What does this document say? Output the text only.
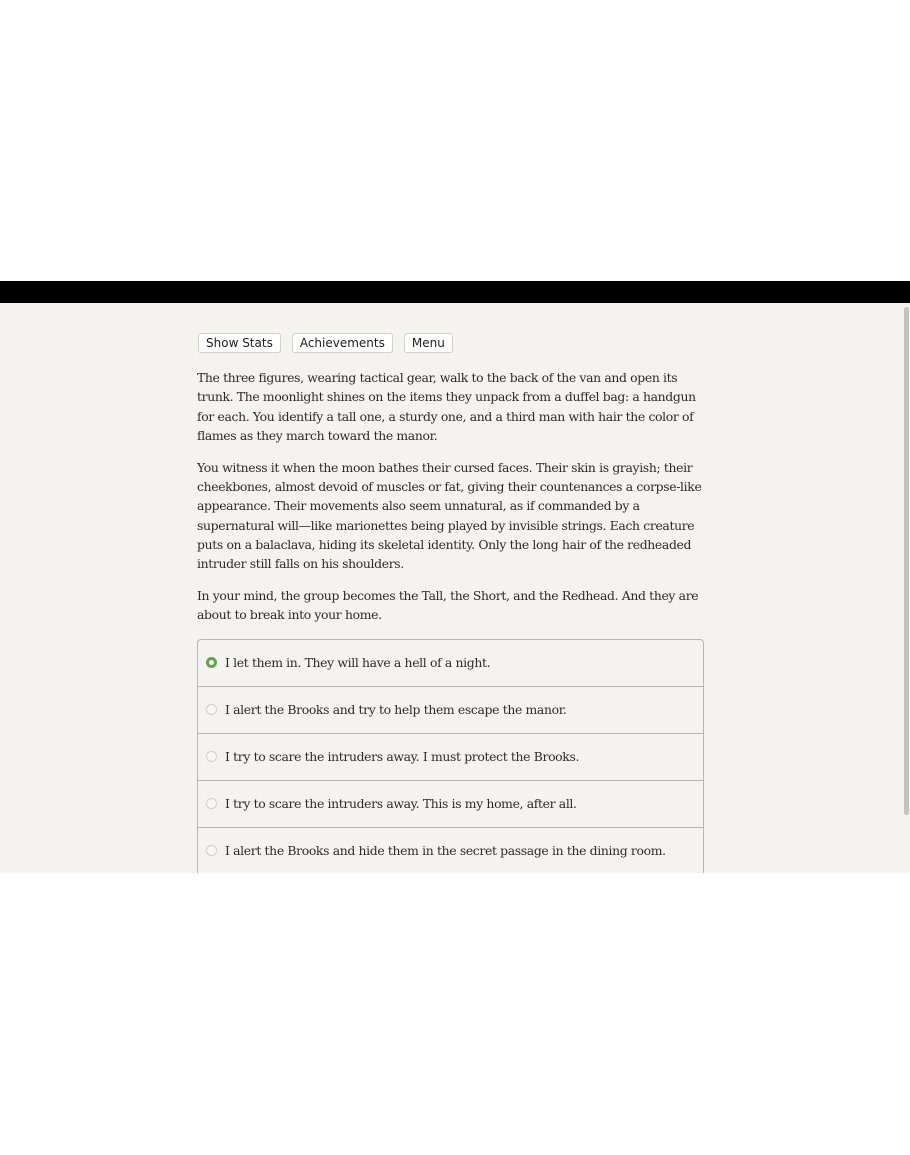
Show Stats	Achievements	Menu

The three figures, wearing tactical gear, walk to the back of the van and open its trunk. The moonlight shines on the items they unpack from a duffel bag: a handgun for each. You identify a tall one, a sturdy one, and a third man with hair the color of flames as they march toward the manor.

You witness it when the moon bathes their cursed faces. Their skin is grayish; their cheekbones, almost devoid of muscles or fat, giving their countenances a corpse-like appearance. Their movements also seem unnatural, as if commanded by a supernatural will—like marionettes being played by invisible strings. Each creature puts on a balaclava, hiding its skeletal identity. Only the long hair of the redheaded intruder still falls on his shoulders.

In your mind, the group becomes the Tall, the Short, and the Redhead. And they are about to break into your home.

I let them in. They will have a hell of a night.
I alert the Brooks and try to help them escape the manor.
I try to scare the intruders away. I must protect the Brooks.
I try to scare the intruders away. This is my home, after all.
I alert the Brooks and hide them in the secret passage in the dining room.
